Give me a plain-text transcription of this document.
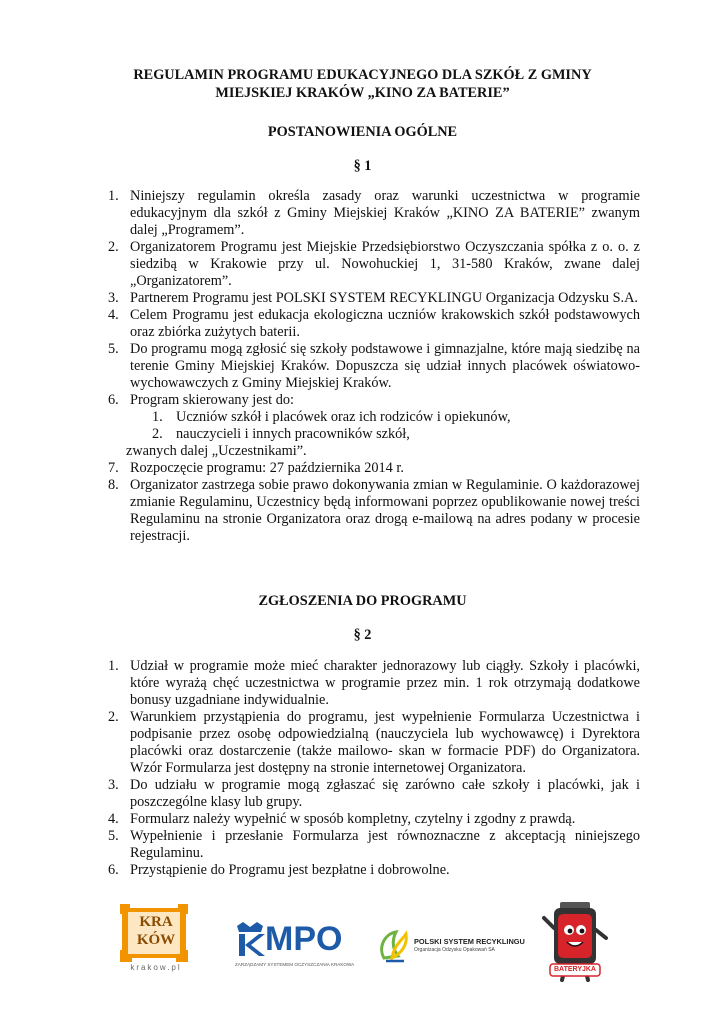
REGULAMIN PROGRAMU EDUKACYJNEGO DLA SZKÓŁ Z GMINY
MIEJSKIEJ KRAKÓW „KINO ZA BATERIE”
POSTANOWIENIA OGÓLNE
§ 1
1. Niniejszy regulamin określa zasady oraz warunki uczestnictwa w programie edukacyjnym dla szkół z Gminy Miejskiej Kraków „KINO ZA BATERIE” zwanym dalej „Programem”.
2. Organizatorem Programu jest Miejskie Przedsiębiorstwo Oczyszczania spółka z o. o. z siedzibą w Krakowie przy ul. Nowohuckiej 1, 31-580 Kraków, zwane dalej „Organizatorem”.
3. Partnerem Programu jest POLSKI SYSTEM RECYKLINGU Organizacja Odzysku S.A.
4. Celem Programu jest edukacja ekologiczna uczniów krakowskich szkół podstawowych oraz zbiórka zużytych baterii.
5. Do programu mogą zgłosić się szkoły podstawowe i gimnazjalne, które mają siedzibę na terenie Gminy Miejskiej Kraków. Dopuszcza się udział innych placówek oświatowo- wychowawczych z Gminy Miejskiej Kraków.
6. Program skierowany jest do:
1. Uczniów szkół i placówek oraz ich rodziców i opiekunów,
2. nauczycieli i innych pracowników szkół,
zwanych dalej „Uczestnikami”.
7. Rozpoczęcie programu: 27 października 2014 r.
8. Organizator zastrzega sobie prawo dokonywania zmian w Regulaminie. O każdorazowej zmianie Regulaminu, Uczestnicy będą informowani poprzez opublikowanie nowej treści Regulaminu na stronie Organizatora oraz drogą e-mailową na adres podany w procesie rejestracji.
ZGŁOSZENIA DO PROGRAMU
§ 2
1. Udział w programie może mieć charakter jednorazowy lub ciągły. Szkoły i placówki, które wyrażą chęć uczestnictwa w programie przez min. 1 rok otrzymają dodatkowe bonusy uzgadniane indywidualnie.
2. Warunkiem przystąpienia do programu, jest wypełnienie Formularza Uczestnictwa i podpisanie przez osobę odpowiedzialną (nauczyciela lub wychowawcę) i Dyrektora placówki oraz dostarczenie (także mailowo- skan w formacie PDF) do Organizatora. Wzór Formularza jest dostępny na stronie internetowej Organizatora.
3. Do udziału w programie mogą zgłaszać się zarówno całe szkoły i placówki, jak i poszczególne klasy lub grupy.
4. Formularz należy wypełnić w sposób kompletny, czytelny i zgodny z prawdą.
5. Wypełnienie i przesłanie Formularza jest równoznaczne z akceptacją niniejszego Regulaminu.
6. Przystąpienie do Programu jest bezpłatne i dobrowolne.
KRA
KÓW
krakow.pl
MPO
ZARZĄDZAMY SYSTEMEM OCZYSZCZANIA KRAKOWA
POLSKI SYSTEM RECYKLINGU
Organizacja Odzysku Opakowań SA
BATERYJKA
